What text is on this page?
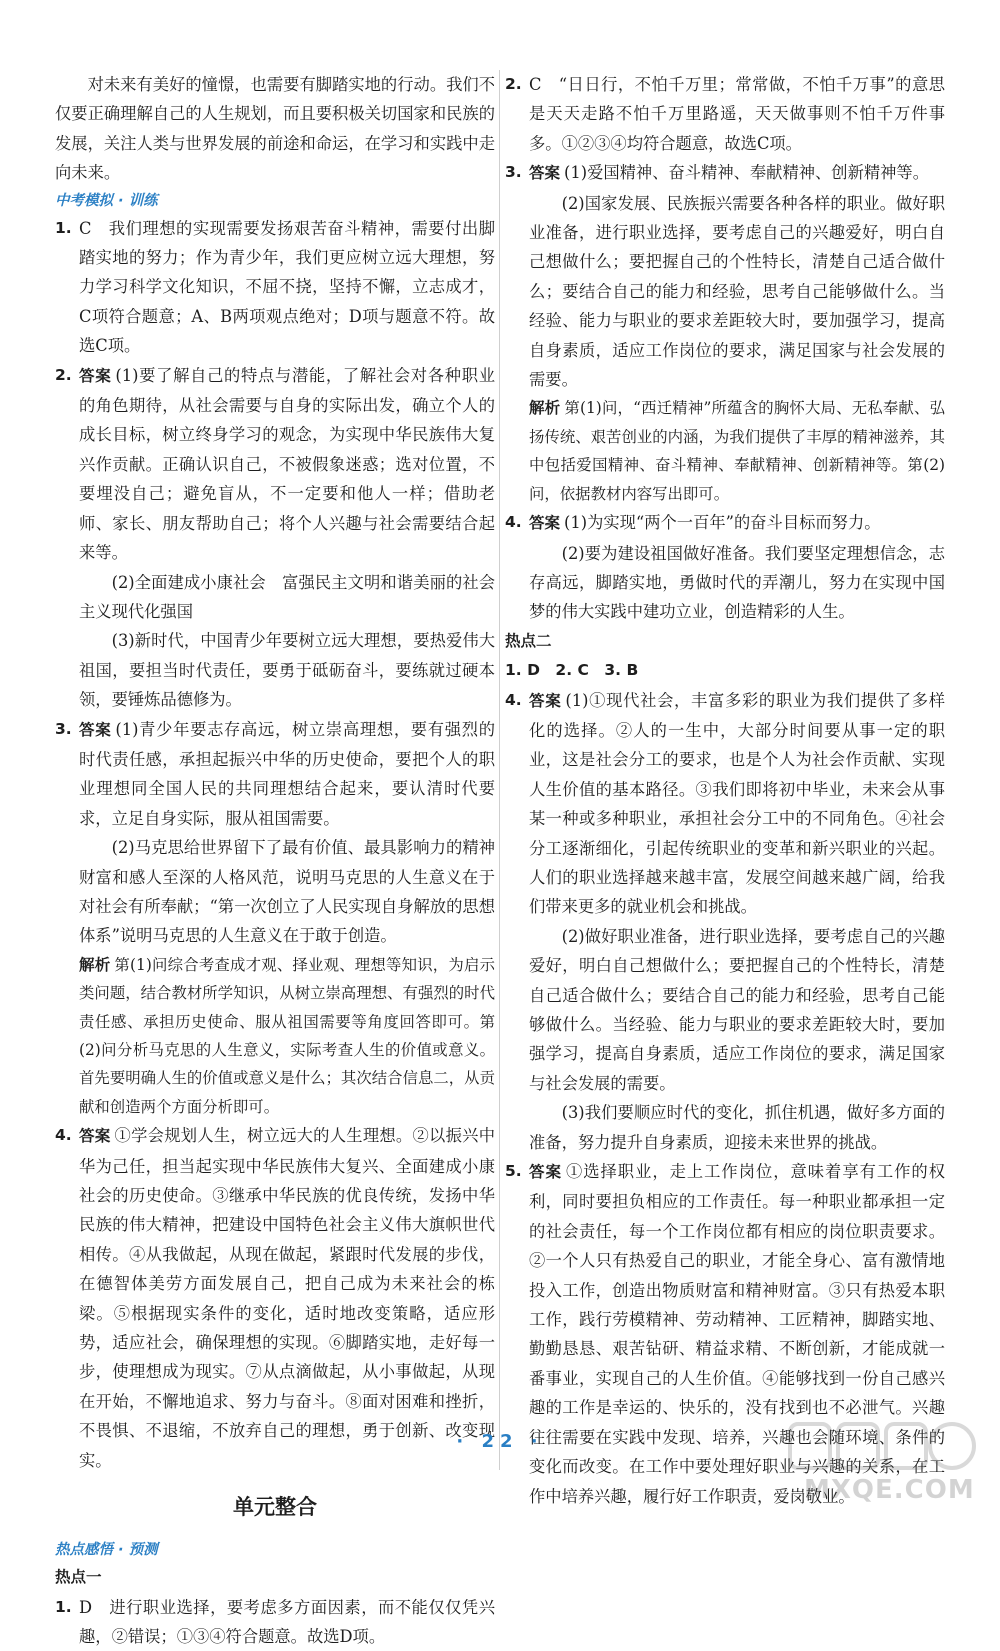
对未来有美好的憧憬，也需要有脚踏实地的行动。我们不仅要正确理解自己的人生规划，而且要积极关切国家和民族的发展，关注人类与世界发展的前途和命运，在学习和实践中走向未来。
中考模拟 · 训练
1. C　我们理想的实现需要发扬艰苦奋斗精神，需要付出脚踏实地的努力；作为青少年，我们更应树立远大理想，努力学习科学文化知识，不屈不挠，坚持不懈，立志成才，C项符合题意；A、B两项观点绝对；D项与题意不符。故选C项。
2. 答案 (1)要了解自己的特点与潜能，了解社会对各种职业的角色期待，从社会需要与自身的实际出发，确立个人的成长目标，树立终身学习的观念，为实现中华民族伟大复兴作贡献。正确认识自己，不被假象迷惑；选对位置，不要埋没自己；避免盲从，不一定要和他人一样；借助老师、家长、朋友帮助自己；将个人兴趣与社会需要结合起来等。
(2)全面建成小康社会　富强民主文明和谐美丽的社会主义现代化强国
(3)新时代，中国青少年要树立远大理想，要热爱伟大祖国，要担当时代责任，要勇于砥砺奋斗，要练就过硬本领，要锤炼品德修为。
3. 答案 (1)青少年要志存高远，树立崇高理想，要有强烈的时代责任感，承担起振兴中华的历史使命，要把个人的职业理想同全国人民的共同理想结合起来，要认清时代要求，立足自身实际，服从祖国需要。
(2)马克思给世界留下了最有价值、最具影响力的精神财富和感人至深的人格风范，说明马克思的人生意义在于对社会有所奉献；“第一次创立了人民实现自身解放的思想体系”说明马克思的人生意义在于敢于创造。
解析 第(1)问综合考查成才观、择业观、理想等知识，为启示类问题，结合教材所学知识，从树立崇高理想、有强烈的时代责任感、承担历史使命、服从祖国需要等角度回答即可。第(2)问分析马克思的人生意义，实际考查人生的价值或意义。首先要明确人生的价值或意义是什么；其次结合信息二，从贡献和创造两个方面分析即可。
4. 答案 ①学会规划人生，树立远大的人生理想。②以振兴中华为己任，担当起实现中华民族伟大复兴、全面建成小康社会的历史使命。③继承中华民族的优良传统，发扬中华民族的伟大精神，把建设中国特色社会主义伟大旗帜世代相传。④从我做起，从现在做起，紧跟时代发展的步伐，在德智体美劳方面发展自己，把自己成为未来社会的栋梁。⑤根据现实条件的变化，适时地改变策略，适应形势，适应社会，确保理想的实现。⑥脚踏实地，走好每一步，使理想成为现实。⑦从点滴做起，从小事做起，从现在开始，不懈地追求、努力与奋斗。⑧面对困难和挫折，不畏惧、不退缩，不放弃自己的理想，勇于创新、改变现实。
单元整合
热点感悟 · 预测
热点一
1. D　进行职业选择，要考虑多方面因素，而不能仅仅凭兴趣，②错误；①③④符合题意。故选D项。
2. C　“日日行，不怕千万里；常常做，不怕千万事”的意思是天天走路不怕千万里路遥，天天做事则不怕千万件事多。①②③④均符合题意，故选C项。
3. 答案 (1)爱国精神、奋斗精神、奉献精神、创新精神等。
(2)国家发展、民族振兴需要各种各样的职业。做好职业准备，进行职业选择，要考虑自己的兴趣爱好，明白自己想做什么；要把握自己的个性特长，清楚自己适合做什么；要结合自己的能力和经验，思考自己能够做什么。当经验、能力与职业的要求差距较大时，要加强学习，提高自身素质，适应工作岗位的要求，满足国家与社会发展的需要。
解析 第(1)问，“西迁精神”所蕴含的胸怀大局、无私奉献、弘扬传统、艰苦创业的内涵，为我们提供了丰厚的精神滋养，其中包括爱国精神、奋斗精神、奉献精神、创新精神等。第(2)问，依据教材内容写出即可。
4. 答案 (1)为实现“两个一百年”的奋斗目标而努力。
(2)要为建设祖国做好准备。我们要坚定理想信念，志存高远，脚踏实地，勇做时代的弄潮儿，努力在实现中国梦的伟大实践中建功立业，创造精彩的人生。
热点二
1. D　2. C　3. B
4. 答案 (1)①现代社会，丰富多彩的职业为我们提供了多样化的选择。②人的一生中，大部分时间要从事一定的职业，这是社会分工的要求，也是个人为社会作贡献、实现人生价值的基本路径。③我们即将初中毕业，未来会从事某一种或多种职业，承担社会分工中的不同角色。④社会分工逐渐细化，引起传统职业的变革和新兴职业的兴起。人们的职业选择越来越丰富，发展空间越来越广阔，给我们带来更多的就业机会和挑战。
(2)做好职业准备，进行职业选择，要考虑自己的兴趣爱好，明白自己想做什么；要把握自己的个性特长，清楚自己适合做什么；要结合自己的能力和经验，思考自己能够做什么。当经验、能力与职业的要求差距较大时，要加强学习，提高自身素质，适应工作岗位的要求，满足国家与社会发展的需要。
(3)我们要顺应时代的变化，抓住机遇，做好多方面的准备，努力提升自身素质，迎接未来世界的挑战。
5. 答案 ①选择职业，走上工作岗位，意味着享有工作的权利，同时要担负相应的工作责任。每一种职业都承担一定的社会责任，每一个工作岗位都有相应的岗位职责要求。②一个人只有热爱自己的职业，才能全身心、富有激情地投入工作，创造出物质财富和精神财富。③只有热爱本职工作，践行劳模精神、劳动精神、工匠精神，脚踏实地、勤勤恳恳、艰苦钻研、精益求精、不断创新，才能成就一番事业，实现自己的人生价值。④能够找到一份自己感兴趣的工作是幸运的、快乐的，没有找到也不必泄气。兴趣往往需要在实践中发现、培养，兴趣也会随环境、条件的变化而改变。在工作中要处理好职业与兴趣的关系，在工作中培养兴趣，履行好工作职责，爱岗敬业。
· 22 ·
MXQE.COM
